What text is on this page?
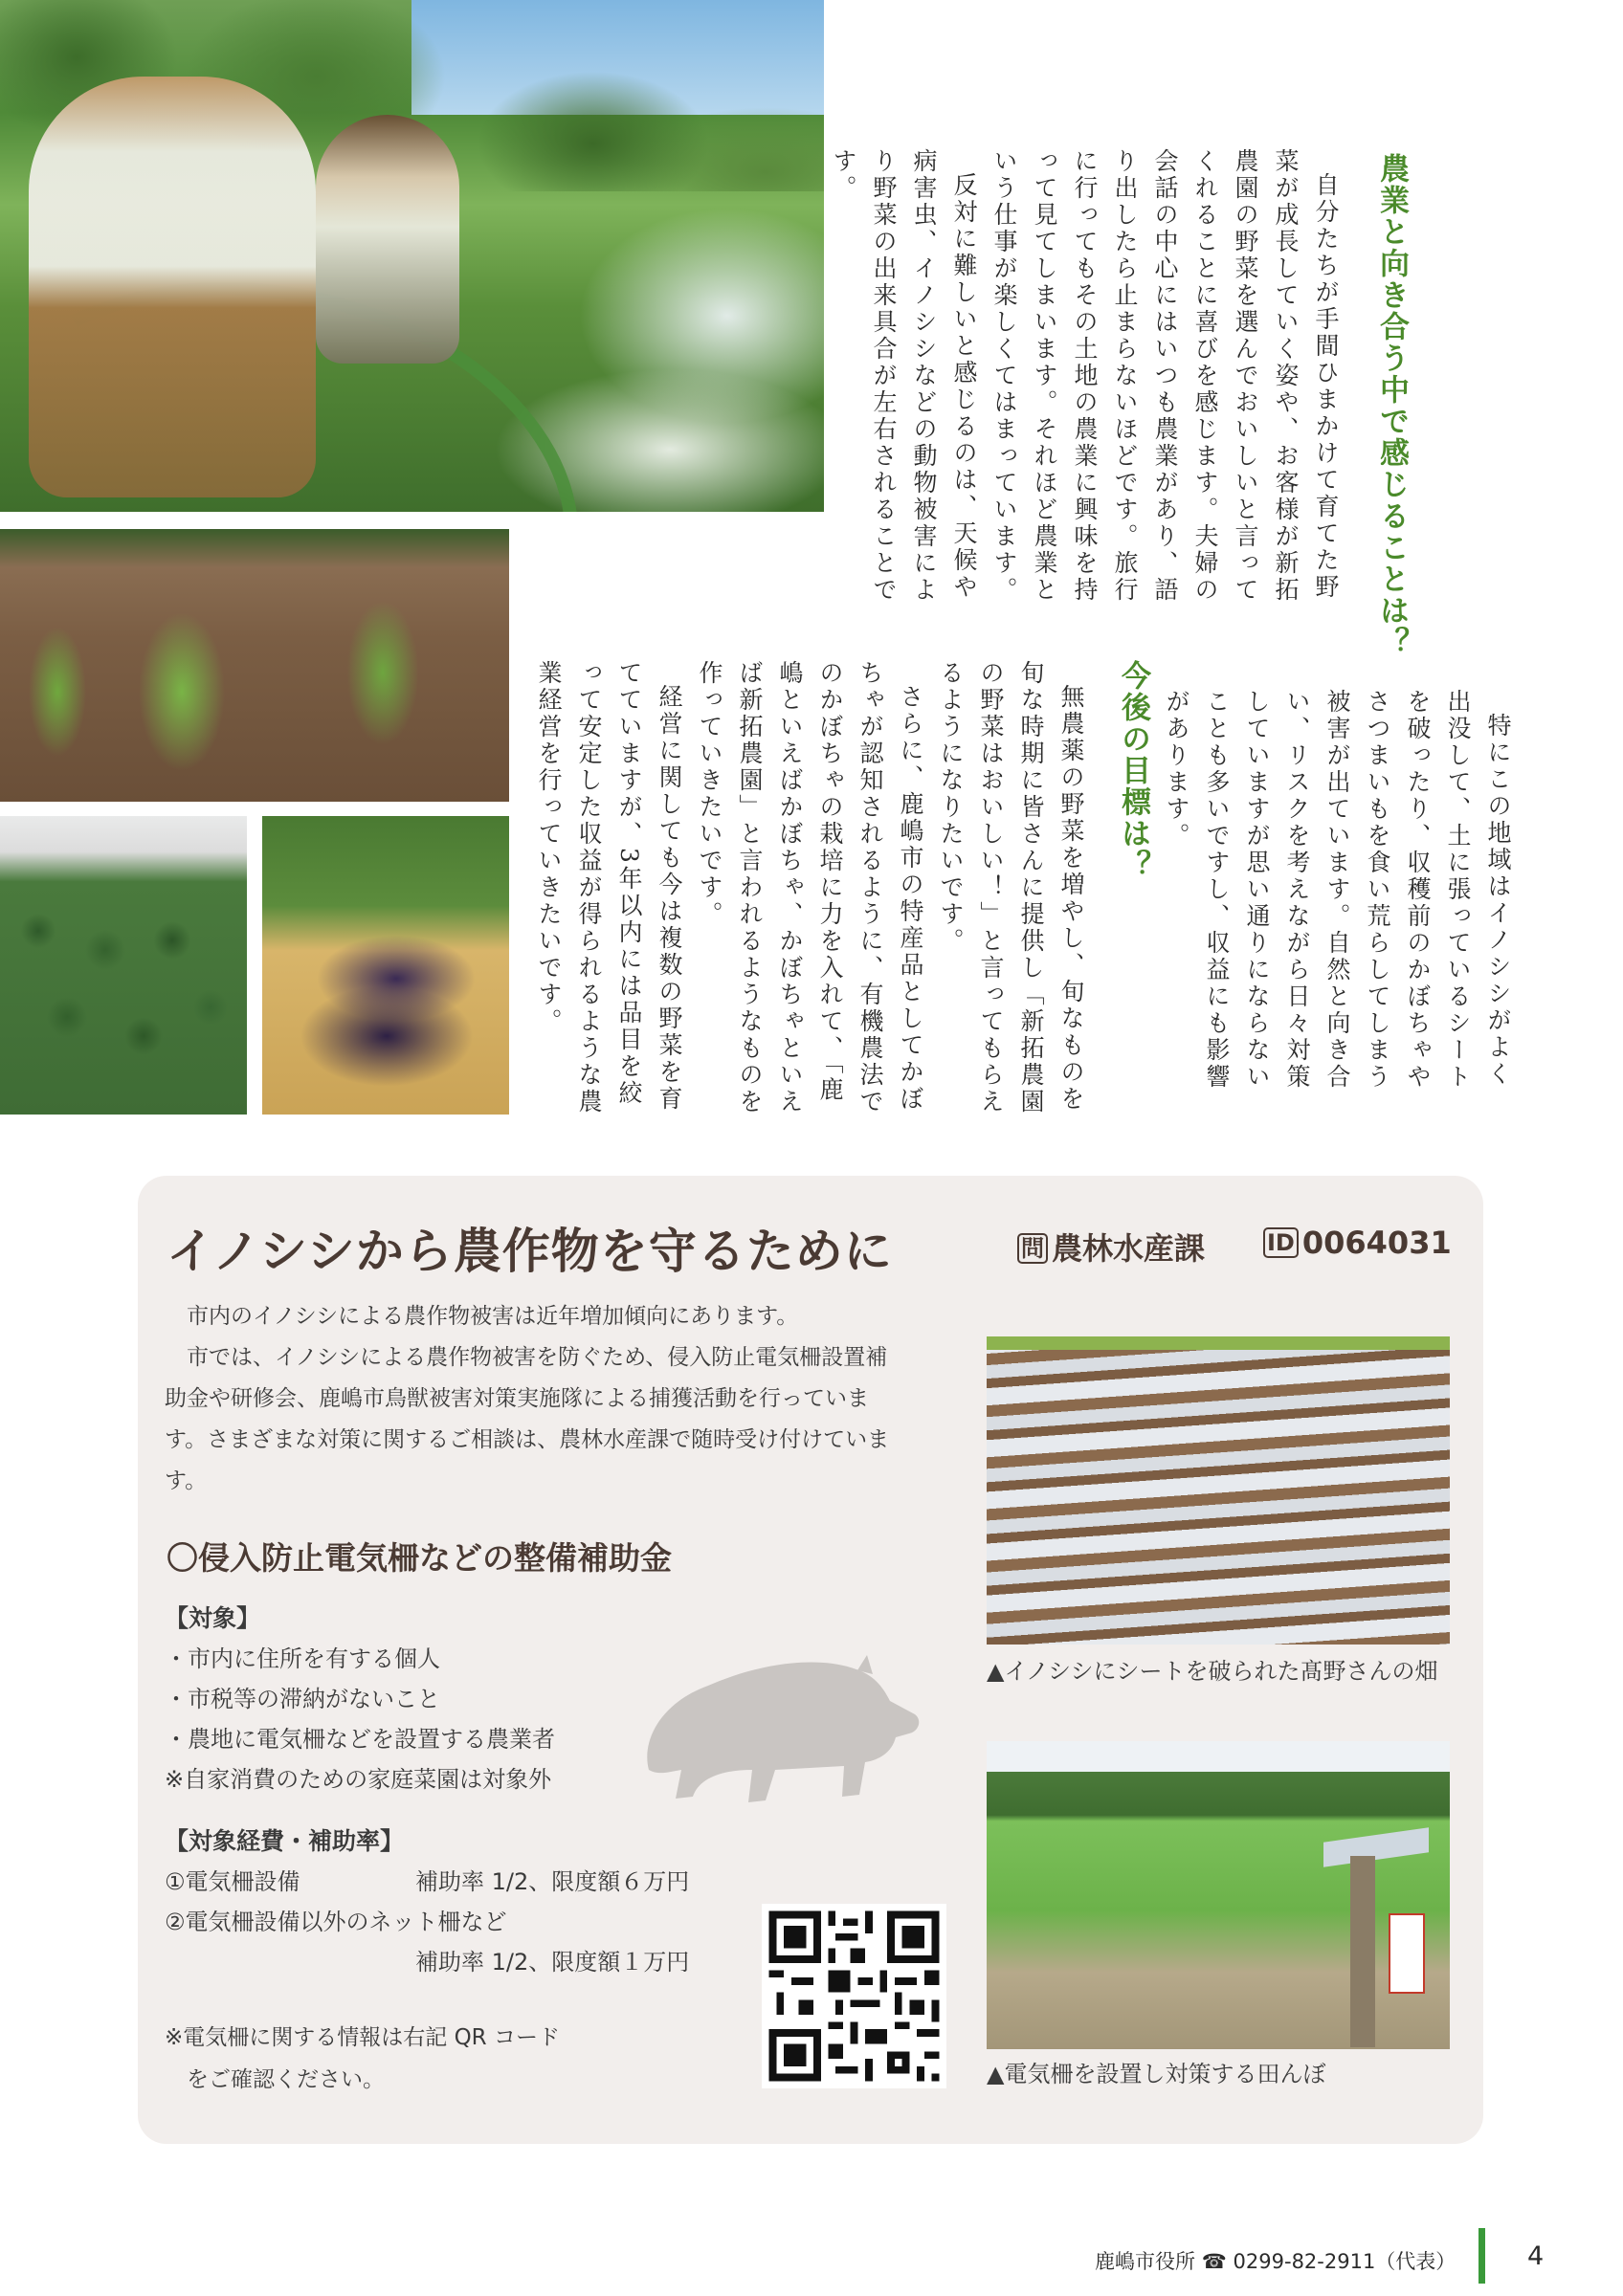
農業と向き合う中で感じることは？

自分たちが手間ひまかけて育てた野菜が成長していく姿や、お客様が新拓農園の野菜を選んでおいしいと言ってくれることに喜びを感じます。夫婦の会話の中心にはいつも農業があり、語り出したら止まらないほどです。旅行に行ってもその土地の農業に興味を持って見てしまいます。それほど農業という仕事が楽しくてはまっています。

反対に難しいと感じるのは、天候や病害虫、イノシシなどの動物被害により野菜の出来具合が左右されることです。

特にこの地域はイノシシがよく出没して、土に張っているシートを破ったり、収穫前のかぼちゃやさつまいもを食い荒らしてしまう被害が出ています。自然と向き合い、リスクを考えながら日々対策していますが思い通りにならないことも多いですし、収益にも影響があります。

今後の目標は？

無農薬の野菜を増やし、旬なものを旬な時期に皆さんに提供し「新拓農園の野菜はおいしい！」と言ってもらえるようになりたいです。

さらに、鹿嶋市の特産品としてかぼちゃが認知されるように、有機農法でのかぼちゃの栽培に力を入れて、「鹿嶋といえばかぼちゃ、かぼちゃといえば新拓農園」と言われるようなものを作っていきたいです。

経営に関しても今は複数の野菜を育てていますが、3年以内には品目を絞って安定した収益が得られるような農業経営を行っていきたいです。

イノシシから農作物を守るために	問 農林水産課	ID 0064031

市内のイノシシによる農作物被害は近年増加傾向にあります。

市では、イノシシによる農作物被害を防ぐため、侵入防止電気柵設置補助金や研修会、鹿嶋市鳥獣被害対策実施隊による捕獲活動を行っています。さまざまな対策に関するご相談は、農林水産課で随時受け付けています。

〇侵入防止電気柵などの整備補助金
【対象】
・市内に住所を有する個人
・市税等の滞納がないこと
・農地に電気柵などを設置する農業者
※自家消費のための家庭菜園は対象外
【対象経費・補助率】
①電気柵設備	補助率 1/2、限度額６万円
②電気柵設備以外のネット柵など
補助率 1/2、限度額１万円
※電気柵に関する情報は右記 QR コード
　をご確認ください。
▲イノシシにシートを破られた髙野さんの畑
▲電気柵を設置し対策する田んぼ
鹿嶋市役所 ☎ 0299-82-2911（代表）	4
